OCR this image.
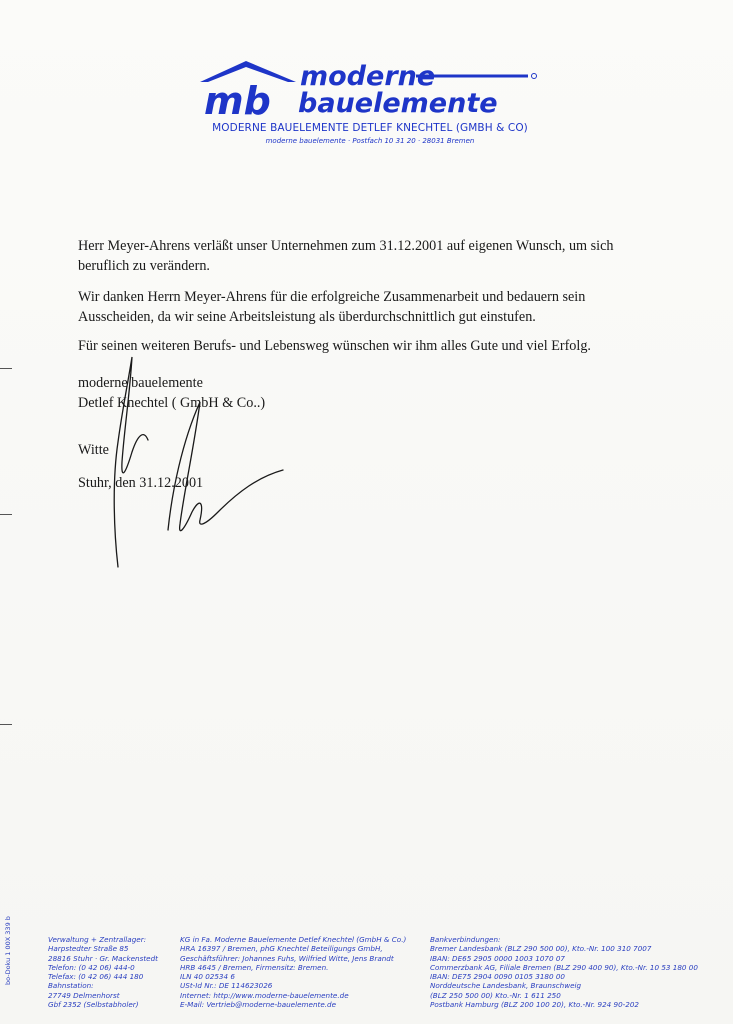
mb
moderne
bauelemente
MODERNE BAUELEMENTE DETLEF KNECHTEL (GMBH & CO)
moderne bauelemente · Postfach 10 31 20 · 28031 Bremen
Herr Meyer-Ahrens verläßt unser Unternehmen zum 31.12.2001 auf eigenen Wunsch, um sich beruflich zu verändern.
Wir danken Herrn Meyer-Ahrens für die erfolgreiche Zusammenarbeit und bedauern sein Ausscheiden, da wir seine Arbeitsleistung als überdurchschnittlich gut einstufen.
Für seinen weiteren Berufs- und Lebensweg wünschen wir ihm alles Gute und viel Erfolg.
moderne bauelemente
Detlef Knechtel ( GmbH & Co..)
Witte
Stuhr, den 31.12.2001
Verwaltung + Zentrallager:
Harpstedter Straße 85
28816 Stuhr · Gr. Mackenstedt
Telefon: (0 42 06) 444-0
Telefax: (0 42 06) 444 180
Bahnstation:
27749 Delmenhorst
Gbf 2352 (Selbstabholer)
KG in Fa. Moderne Bauelemente Detlef Knechtel (GmbH & Co.)
HRA 16397 / Bremen, phG Knechtel Beteiligungs GmbH,
Geschäftsführer: Johannes Fuhs, Wilfried Witte, Jens Brandt
HRB 4645 / Bremen, Firmensitz: Bremen.
ILN 40 02534 6
USt-Id Nr.: DE 114623026
Internet: http://www.moderne-bauelemente.de
E-Mail: Vertrieb@moderne-bauelemente.de
Bankverbindungen:
Bremer Landesbank (BLZ 290 500 00), Kto.-Nr. 100 310 7007
IBAN: DE65 2905 0000 1003 1070 07
Commerzbank AG, Filiale Bremen (BLZ 290 400 90), Kto.-Nr. 10 53 180 00
IBAN: DE75 2904 0090 0105 3180 00
Norddeutsche Landesbank, Braunschweig
(BLZ 250 500 00) Kto.-Nr. 1 611 250
Postbank Hamburg (BLZ 200 100 20), Kto.-Nr. 924 90-202
bo-Doku 1 00X 339 b
